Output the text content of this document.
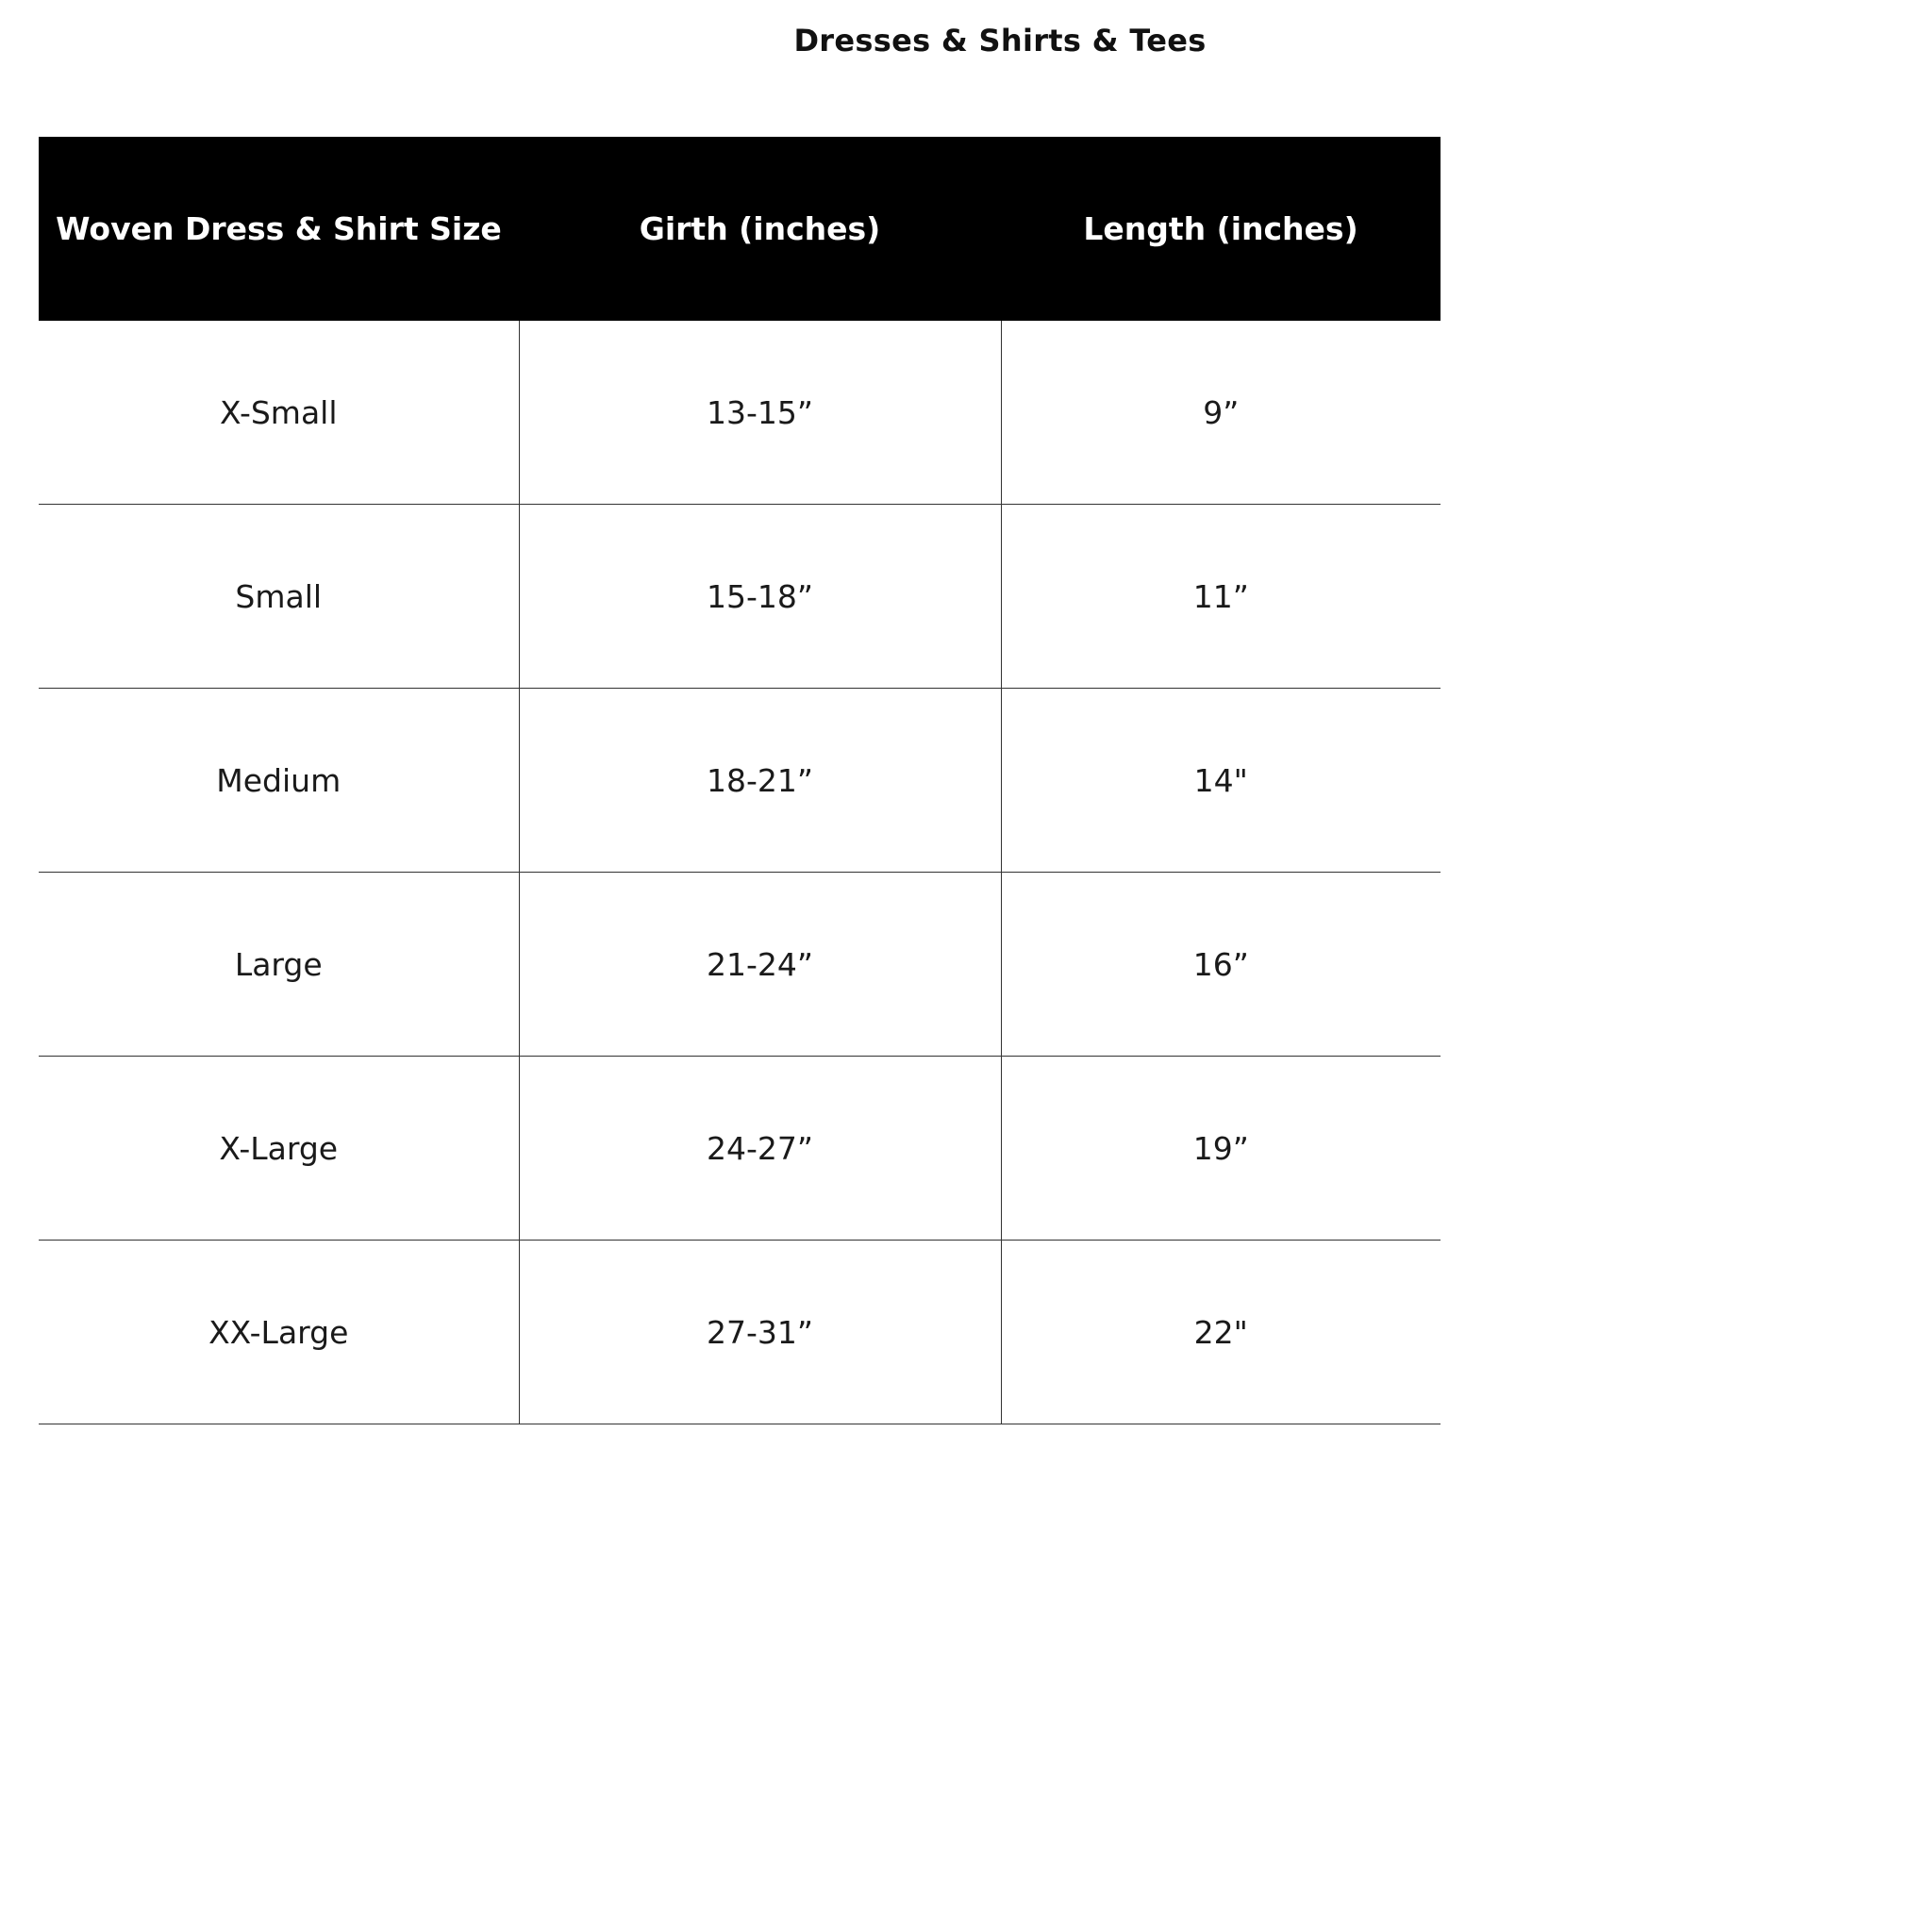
Dresses & Shirts & Tees
Woven Dress & Shirt Size	Girth (inches)	Length (inches)
X-Small	13-15”	9”
Small	15-18”	11”
Medium	18-21”	14"
Large	21-24”	16”
X-Large	24-27”	19”
XX-Large	27-31”	22"
